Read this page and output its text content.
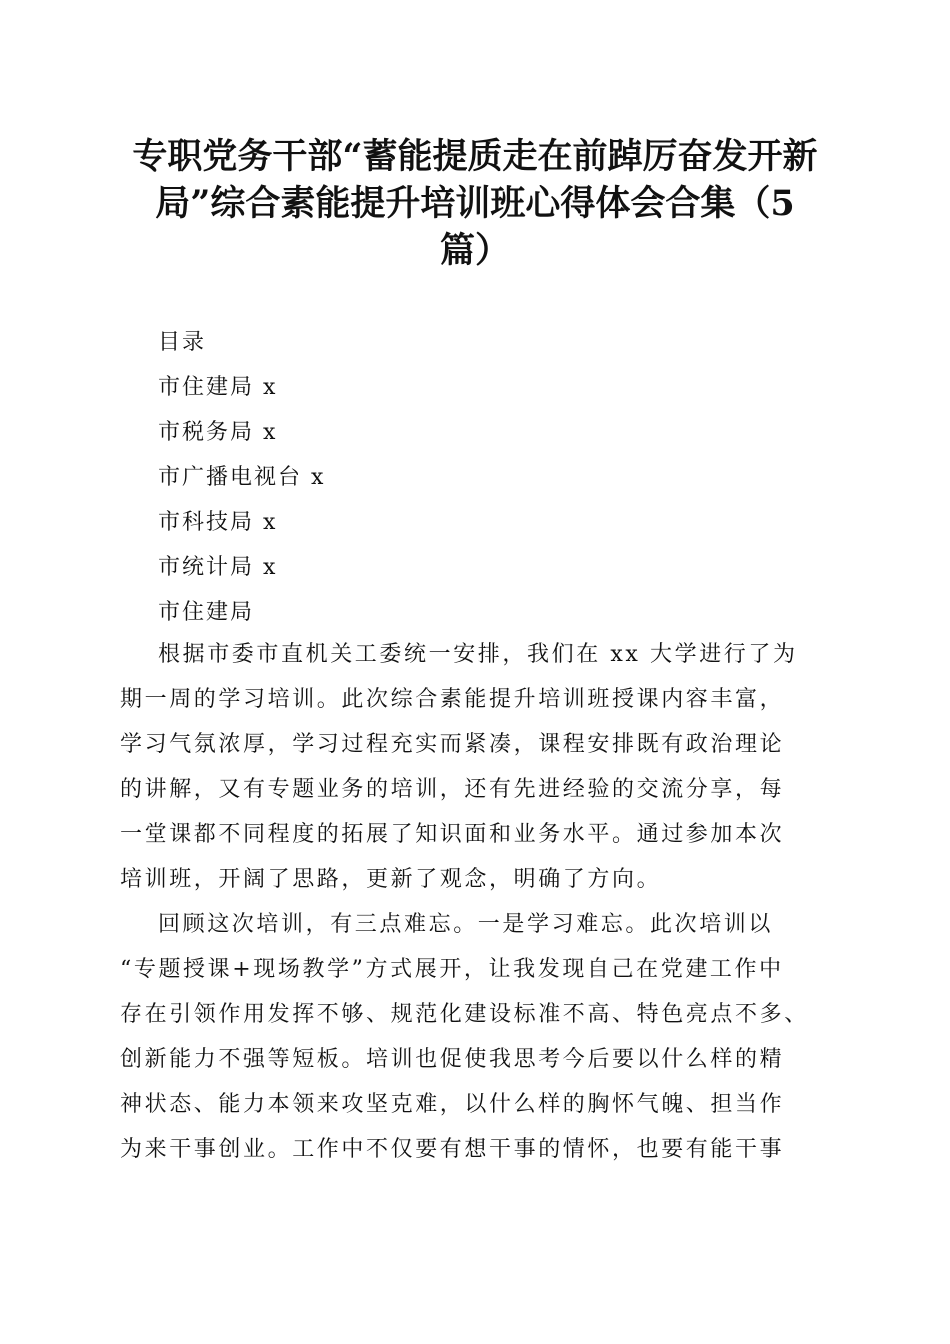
专职党务干部“蓄能提质走在前踔厉奋发开新
局”综合素能提升培训班心得体会合集（5
篇）
目录
市住建局 x
市税务局 x
市广播电视台 x
市科技局 x
市统计局 x
市住建局

根据市委市直机关工委统一安排，我们在 xx 大学进行了为
期一周的学习培训。此次综合素能提升培训班授课内容丰富，
学习气氛浓厚，学习过程充实而紧凑，课程安排既有政治理论
的讲解，又有专题业务的培训，还有先进经验的交流分享，每
一堂课都不同程度的拓展了知识面和业务水平。通过参加本次
培训班，开阔了思路，更新了观念，明确了方向。

回顾这次培训，有三点难忘。一是学习难忘。此次培训以
“专题授课+现场教学”方式展开，让我发现自己在党建工作中
存在引领作用发挥不够、规范化建设标准不高、特色亮点不多、
创新能力不强等短板。培训也促使我思考今后要以什么样的精
神状态、能力本领来攻坚克难，以什么样的胸怀气魄、担当作
为来干事创业。工作中不仅要有想干事的情怀，也要有能干事
